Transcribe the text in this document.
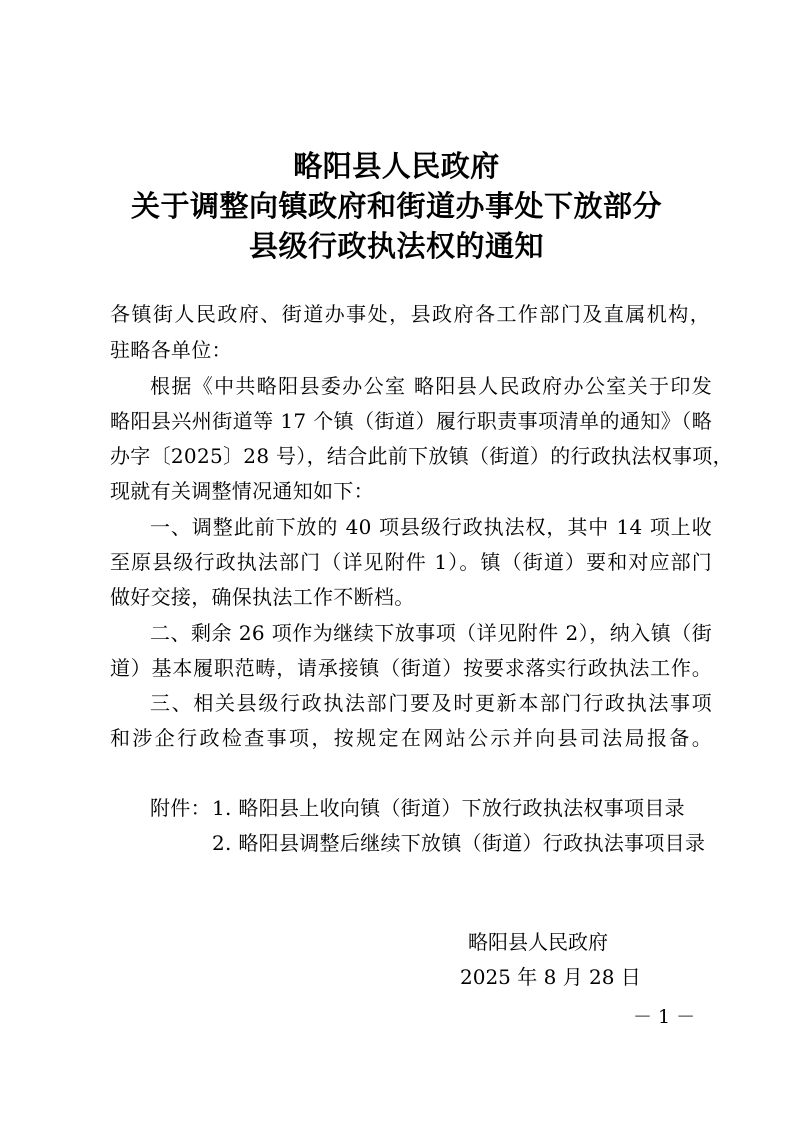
略阳县人民政府
关于调整向镇政府和街道办事处下放部分
县级行政执法权的通知
各镇街人民政府、街道办事处，县政府各工作部门及直属机构，
驻略各单位：
根据《中共略阳县委办公室 略阳县人民政府办公室关于印发
略阳县兴州街道等 17 个镇（街道）履行职责事项清单的通知》（略
办字〔2025〕28 号），结合此前下放镇（街道）的行政执法权事项，
现就有关调整情况通知如下：
一、调整此前下放的 40 项县级行政执法权，其中 14 项上收
至原县级行政执法部门（详见附件 1）。镇（街道）要和对应部门
做好交接，确保执法工作不断档。
二、剩余 26 项作为继续下放事项（详见附件 2），纳入镇（街
道）基本履职范畴，请承接镇（街道）按要求落实行政执法工作。
三、相关县级行政执法部门要及时更新本部门行政执法事项
和涉企行政检查事项，按规定在网站公示并向县司法局报备。
附件： 1. 略阳县上收向镇（街道）下放行政执法权事项目录
2. 略阳县调整后继续下放镇（街道）行政执法事项目录
略阳县人民政府
2025 年 8 月 28 日
－ 1 －
